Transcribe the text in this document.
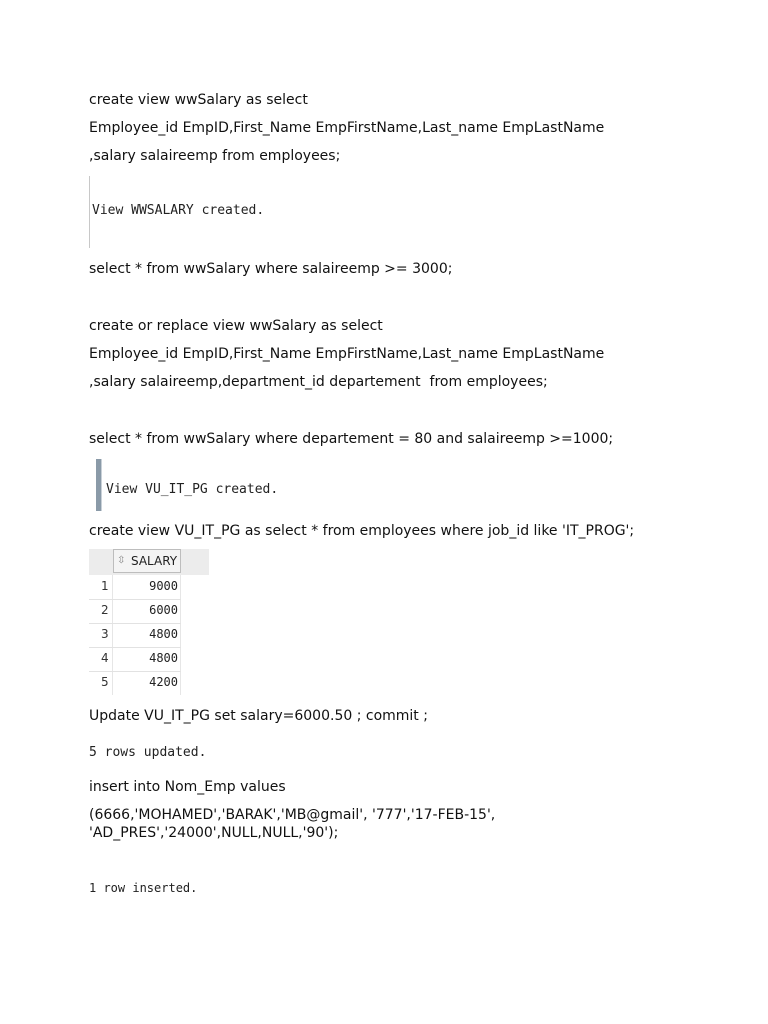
create view wwSalary as select
Employee_id EmpID,First_Name EmpFirstName,Last_name EmpLastName
,salary salaireemp from employees;
View WWSALARY created.
select * from wwSalary where salaireemp >= 3000;
create or replace view wwSalary as select
Employee_id EmpID,First_Name EmpFirstName,Last_name EmpLastName
,salary salaireemp,department_id departement  from employees;
select * from wwSalary where departement = 80 and salaireemp >=1000;
View VU_IT_PG created.
create view VU_IT_PG as select * from employees where job_id like 'IT_PROG';
⇳ SALARY
1	9000
2	6000
3	4800
4	4800
5	4200
Update VU_IT_PG set salary=6000.50 ; commit ;
5 rows updated.
insert into Nom_Emp values
(6666,'MOHAMED','BARAK','MB@gmail', '777','17-FEB-15',
'AD_PRES','24000',NULL,NULL,'90');
1 row inserted.
